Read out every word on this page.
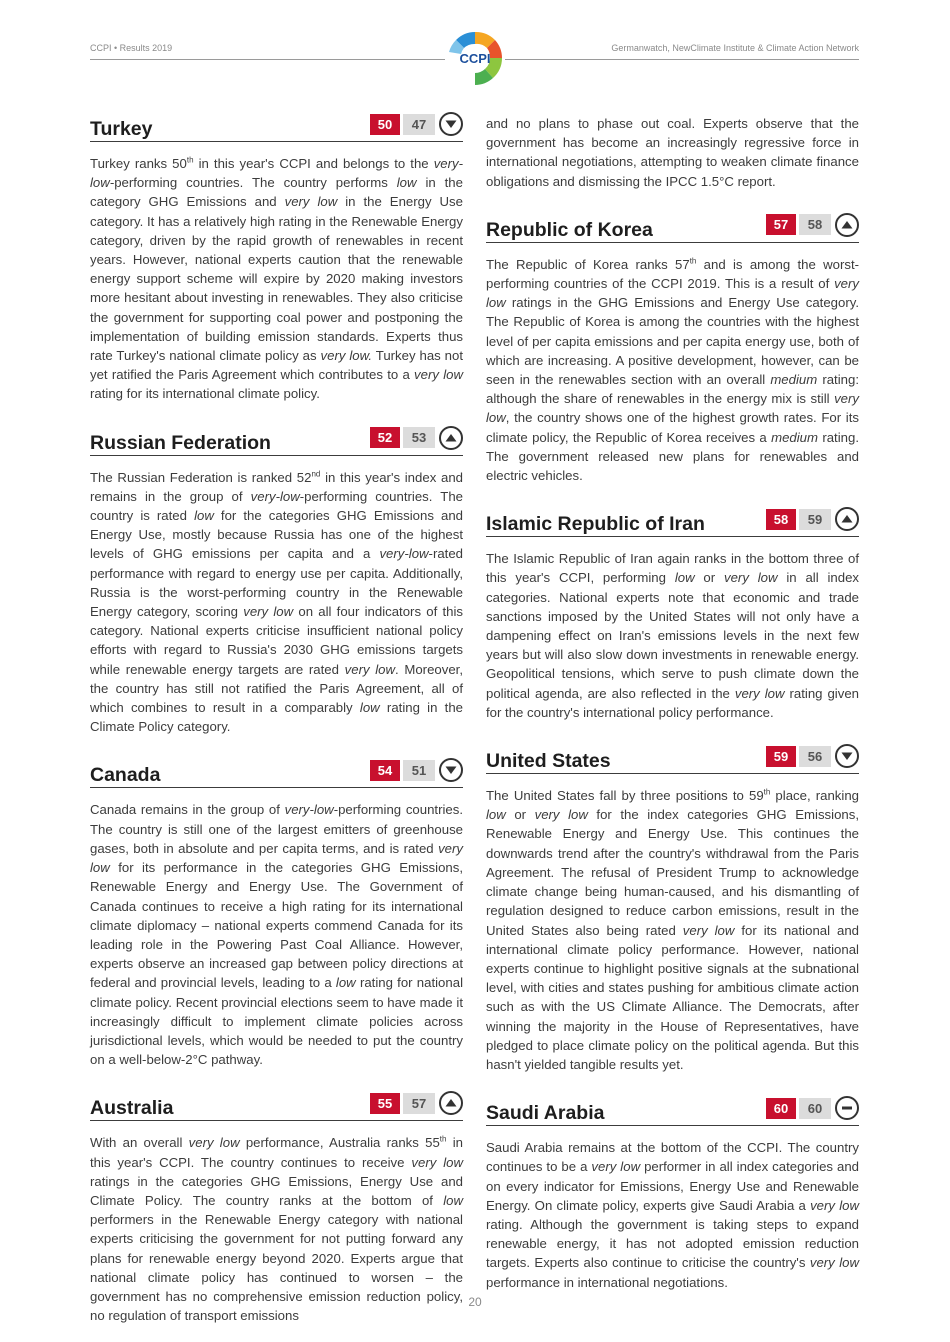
CCPI • Results 2019	Germanwatch, NewClimate Institute & Climate Action Network
CCPI
Turkey	50	47

Turkey ranks 50th in this year's CCPI and belongs to the very-low-performing countries. The country performs low in the category GHG Emissions and very low in the Energy Use category. It has a relatively high rating in the Renewable Energy category, driven by the rapid growth of renewables in recent years. However, national experts caution that the renewable energy support scheme will expire by 2020 making investors more hesitant about investing in renewables. They also criticise the government for supporting coal power and postponing the implementation of building emission standards. Experts thus rate Turkey's national climate policy as very low. Turkey has not yet ratified the Paris Agreement which contributes to a very low rating for its international climate policy.

Russian Federation	52	53

The Russian Federation is ranked 52nd in this year's index and remains in the group of very-low-performing countries. The country is rated low for the categories GHG Emissions and Energy Use, mostly because Russia has one of the highest levels of GHG emissions per capita and a very-low-rated performance with regard to energy use per capita. Additionally, Russia is the worst-performing country in the Renewable Energy category, scoring very low on all four indicators of this category. National experts criticise insufficient national policy efforts with regard to Russia's 2030 GHG emissions targets while renewable energy targets are rated very low. Moreover, the country has still not ratified the Paris Agreement, all of which combines to result in a comparably low rating in the Climate Policy category.

Canada	54	51

Canada remains in the group of very-low-performing countries. The country is still one of the largest emitters of greenhouse gases, both in absolute and per capita terms, and is rated very low for its performance in the categories GHG Emissions, Renewable Energy and Energy Use. The Government of Canada continues to receive a high rating for its international climate diplomacy – national experts commend Canada for its leading role in the Powering Past Coal Alliance. However, experts observe an increased gap between policy directions at federal and provincial levels, leading to a low rating for national climate policy. Recent provincial elections seem to have made it increasingly difficult to implement climate policies across jurisdictional levels, which would be needed to put the country on a well-below-2°C pathway.

Australia	55	57

With an overall very low performance, Australia ranks 55th in this year's CCPI. The country continues to receive very low ratings in the categories GHG Emissions, Energy Use and Climate Policy. The country ranks at the bottom of low performers in the Renewable Energy category with national experts criticising the government for not putting forward any plans for renewable energy beyond 2020. Experts argue that national climate policy has continued to worsen – the government has no comprehensive emission reduction policy, no regulation of transport emissions

and no plans to phase out coal. Experts observe that the government has become an increasingly regressive force in international negotiations, attempting to weaken climate finance obligations and dismissing the IPCC 1.5°C report.

Republic of Korea	57	58

The Republic of Korea ranks 57th and is among the worst-performing countries of the CCPI 2019. This is a result of very low ratings in the GHG Emissions and Energy Use category. The Republic of Korea is among the countries with the highest level of per capita emissions and per capita energy use, both of which are increasing. A positive development, however, can be seen in the renewables section with an overall medium rating: although the share of renewables in the energy mix is still very low, the country shows one of the highest growth rates. For its climate policy, the Republic of Korea receives a medium rating. The government released new plans for renewables and electric vehicles.

Islamic Republic of Iran	58	59

The Islamic Republic of Iran again ranks in the bottom three of this year's CCPI, performing low or very low in all index categories. National experts note that economic and trade sanctions imposed by the United States will not only have a dampening effect on Iran's emissions levels in the next few years but will also slow down investments in renewable energy. Geopolitical tensions, which serve to push climate down the political agenda, are also reflected in the very low rating given for the country's international policy performance.

United States	59	56

The United States fall by three positions to 59th place, ranking low or very low for the index categories GHG Emissions, Renewable Energy and Energy Use. This continues the downwards trend after the country's withdrawal from the Paris Agreement. The refusal of President Trump to acknowledge climate change being human-caused, and his dismantling of regulation designed to reduce carbon emissions, result in the United States also being rated very low for its national and international climate policy performance. However, national experts continue to highlight positive signals at the subnational level, with cities and states pushing for ambitious climate action such as with the US Climate Alliance. The Democrats, after winning the majority in the House of Representatives, have pledged to place climate policy on the political agenda. But this hasn't yielded tangible results yet.

Saudi Arabia	60	60

Saudi Arabia remains at the bottom of the CCPI. The country continues to be a very low performer in all index categories and on every indicator for Emissions, Energy Use and Renewable Energy. On climate policy, experts give Saudi Arabia a very low rating. Although the government is taking steps to expand renewable energy, it has not adopted emission reduction targets. Experts also continue to criticise the country's very low performance in international negotiations.

20
